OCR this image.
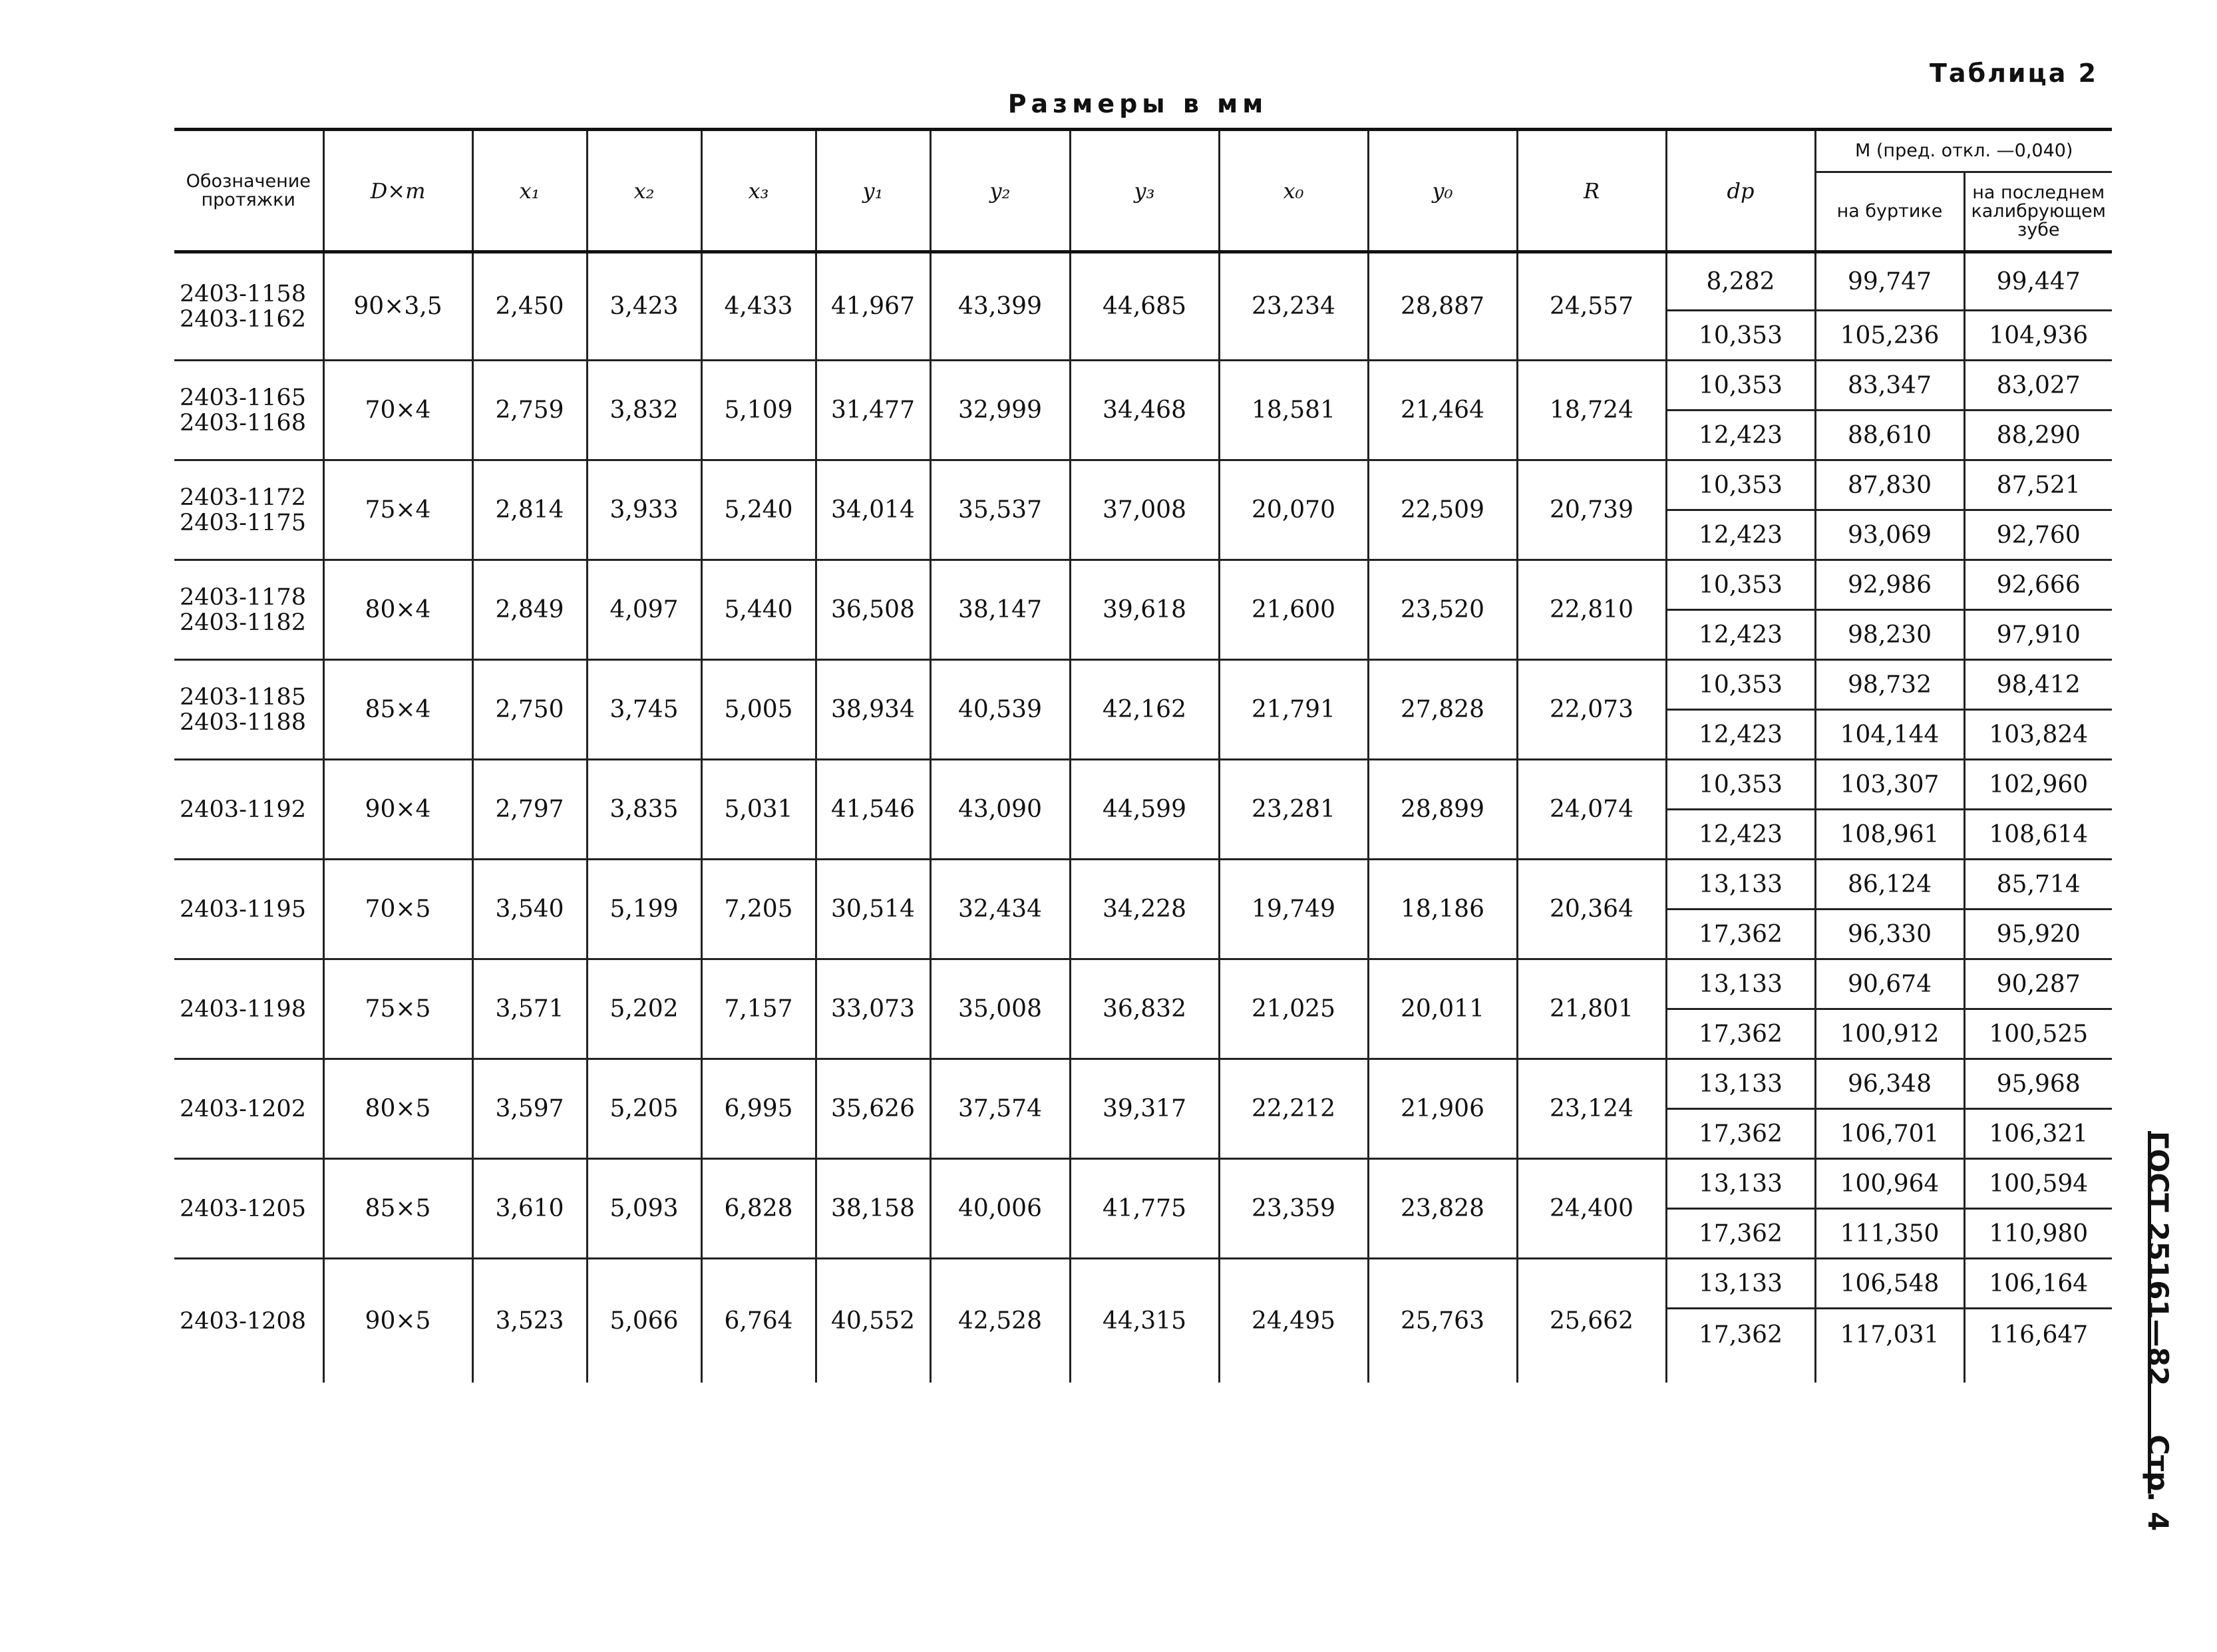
Таблица 2
Размеры в мм
Обозначение протяжки	D×m	x₁	x₂	x₃	y₁	y₂	y₃	x₀	y₀	R	dp	M (пред. откл. —0,040)	
												на буртике	на последнем калибрующем зубе
2403-1158
2403-1162	90×3,5	2,450	3,423	4,433	41,967	43,399	44,685	23,234	28,887	24,557	8,282	99,747	99,447
											10,353	105,236	104,936
2403-1165
2403-1168	70×4	2,759	3,832	5,109	31,477	32,999	34,468	18,581	21,464	18,724	10,353	83,347	83,027
											12,423	88,610	88,290
2403-1172
2403-1175	75×4	2,814	3,933	5,240	34,014	35,537	37,008	20,070	22,509	20,739	10,353	87,830	87,521
											12,423	93,069	92,760
2403-1178
2403-1182	80×4	2,849	4,097	5,440	36,508	38,147	39,618	21,600	23,520	22,810	10,353	92,986	92,666
											12,423	98,230	97,910
2403-1185
2403-1188	85×4	2,750	3,745	5,005	38,934	40,539	42,162	21,791	27,828	22,073	10,353	98,732	98,412
											12,423	104,144	103,824
2403-1192	90×4	2,797	3,835	5,031	41,546	43,090	44,599	23,281	28,899	24,074	10,353	103,307	102,960
											12,423	108,961	108,614
2403-1195	70×5	3,540	5,199	7,205	30,514	32,434	34,228	19,749	18,186	20,364	13,133	86,124	85,714
											17,362	96,330	95,920
2403-1198	75×5	3,571	5,202	7,157	33,073	35,008	36,832	21,025	20,011	21,801	13,133	90,674	90,287
											17,362	100,912	100,525
2403-1202	80×5	3,597	5,205	6,995	35,626	37,574	39,317	22,212	21,906	23,124	13,133	96,348	95,968
											17,362	106,701	106,321
2403-1205	85×5	3,610	5,093	6,828	38,158	40,006	41,775	23,359	23,828	24,400	13,133	100,964	100,594
											17,362	111,350	110,980
2403-1208	90×5	3,523	5,066	6,764	40,552	42,528	44,315	24,495	25,763	25,662	13,133	106,548	106,164
											17,362	117,031	116,647 ГОСТ 25161—82     Стр. 4
